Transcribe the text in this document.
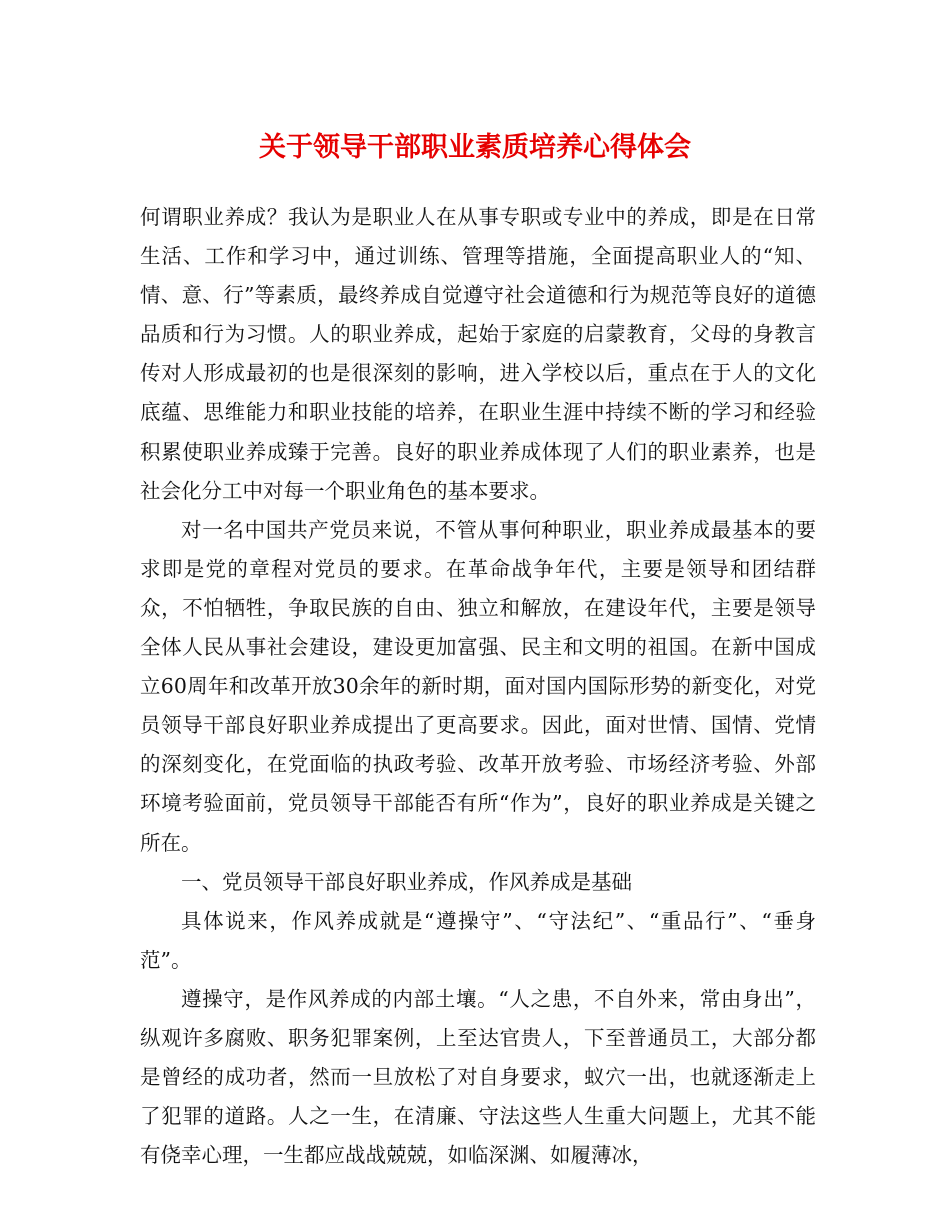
关于领导干部职业素质培养心得体会

何谓职业养成？我认为是职业人在从事专职或专业中的养成，即是在日常生活、工作和学习中，通过训练、管理等措施，全面提高职业人的“知、情、意、行”等素质，最终养成自觉遵守社会道德和行为规范等良好的道德品质和行为习惯。人的职业养成，起始于家庭的启蒙教育，父母的身教言传对人形成最初的也是很深刻的影响，进入学校以后，重点在于人的文化底蕴、思维能力和职业技能的培养，在职业生涯中持续不断的学习和经验积累使职业养成臻于完善。良好的职业养成体现了人们的职业素养，也是社会化分工中对每一个职业角色的基本要求。

对一名中国共产党员来说，不管从事何种职业，职业养成最基本的要求即是党的章程对党员的要求。在革命战争年代，主要是领导和团结群众，不怕牺牲，争取民族的自由、独立和解放，在建设年代，主要是领导全体人民从事社会建设，建设更加富强、民主和文明的祖国。在新中国成立60周年和改革开放30余年的新时期，面对国内国际形势的新变化，对党员领导干部良好职业养成提出了更高要求。因此，面对世情、国情、党情的深刻变化，在党面临的执政考验、改革开放考验、市场经济考验、外部环境考验面前，党员领导干部能否有所“作为”，良好的职业养成是关键之所在。

一、党员领导干部良好职业养成，作风养成是基础

具体说来，作风养成就是“遵操守”、“守法纪”、“重品行”、“垂身范”。

遵操守，是作风养成的内部土壤。“人之患，不自外来，常由身出”，纵观许多腐败、职务犯罪案例，上至达官贵人，下至普通员工，大部分都是曾经的成功者，然而一旦放松了对自身要求，蚁穴一出，也就逐渐走上了犯罪的道路。人之一生，在清廉、守法这些人生重大问题上，尤其不能有侥幸心理，一生都应战战兢兢，如临深渊、如履薄冰，
